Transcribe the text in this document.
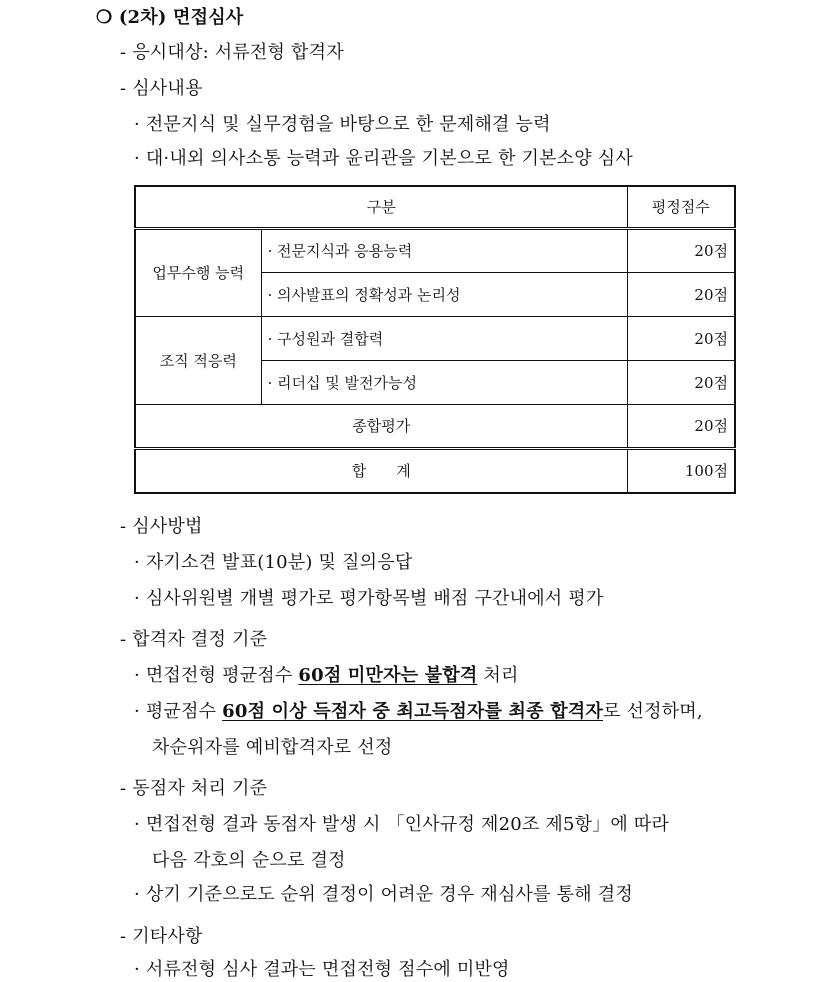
❍ (2차) 면접심사
- 응시대상: 서류전형 합격자
- 심사내용
· 전문지식 및 실무경험을 바탕으로 한 문제해결 능력
· 대·내외 의사소통 능력과 윤리관을 기본으로 한 기본소양 심사
구분		평정점수
업무수행 능력	· 전문지식과 응용능력	20점
	· 의사발표의 정확성과 논리성	20점
조직 적응력	· 구성원과 결합력	20점
	· 리더십 및 발전가능성	20점
종합평가		20점
합　　계		100점
- 심사방법
· 자기소견 발표(10분) 및 질의응답
· 심사위원별 개별 평가로 평가항목별 배점 구간내에서 평가
- 합격자 결정 기준
· 면접전형 평균점수 60점 미만자는 불합격 처리
· 평균점수 60점 이상 득점자 중 최고득점자를 최종 합격자로 선정하며,
차순위자를 예비합격자로 선정
- 동점자 처리 기준
· 면접전형 결과 동점자 발생 시 「인사규정 제20조 제5항」에 따라
다음 각호의 순으로 결정
· 상기 기준으로도 순위 결정이 어려운 경우 재심사를 통해 결정
- 기타사항
· 서류전형 심사 결과는 면접전형 점수에 미반영
